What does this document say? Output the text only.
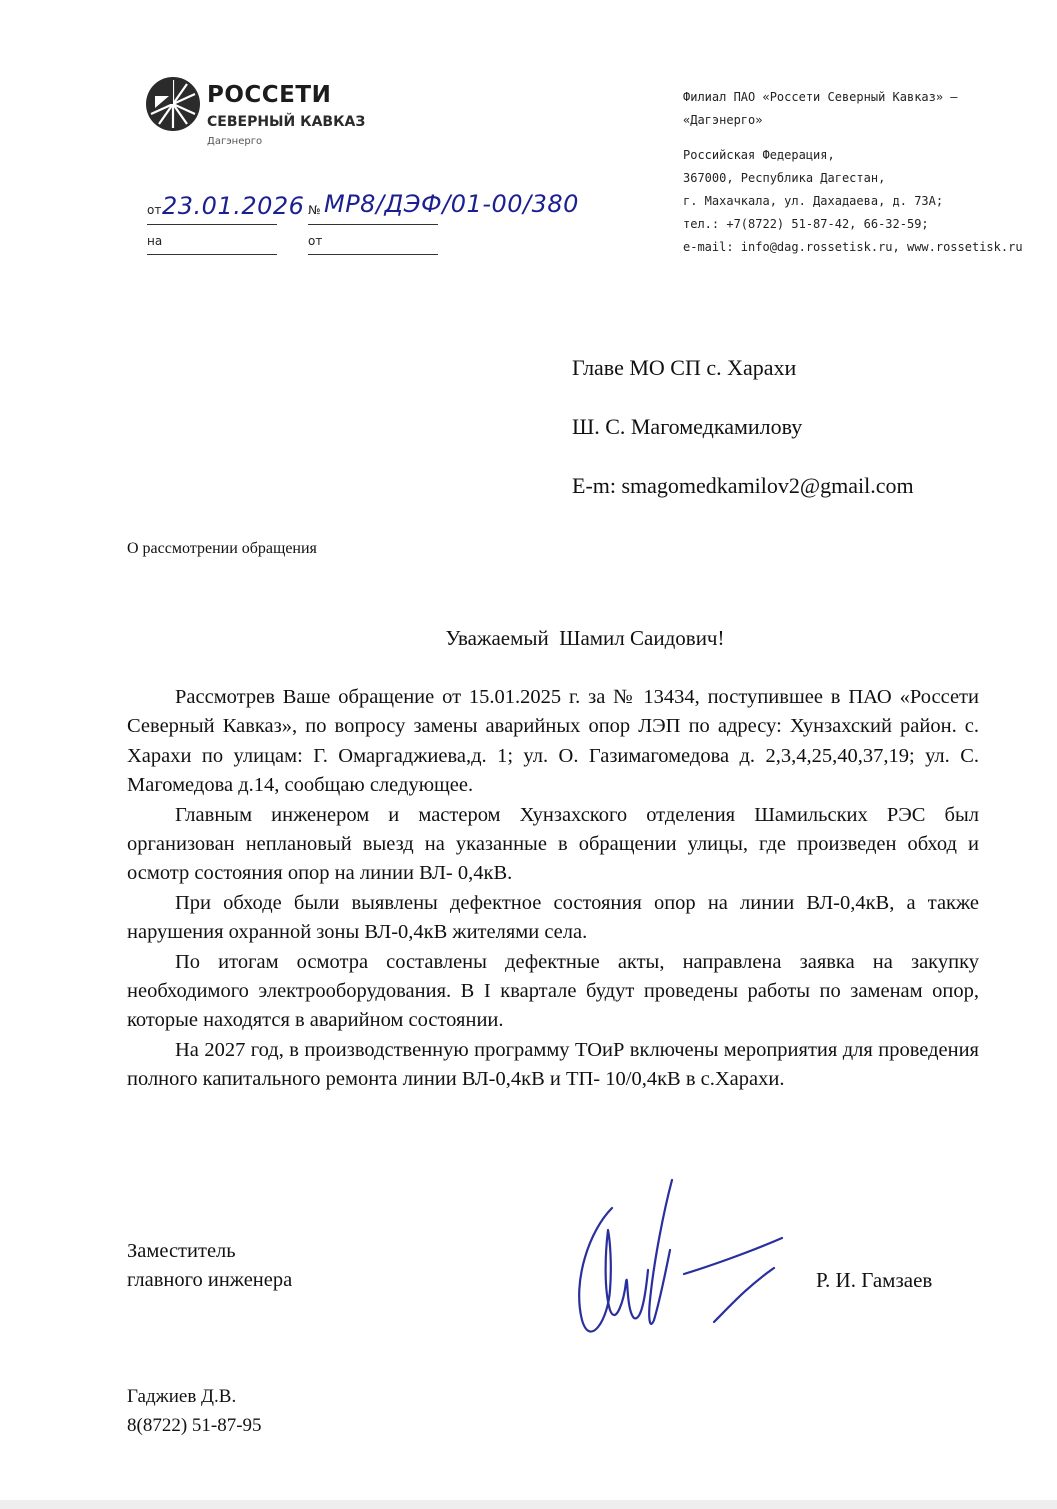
РОССЕТИ
СЕВЕРНЫЙ КАВКАЗ
Дагэнерго
от 23.01.2026 № МР8/ДЭФ/01-00/380
на	от
Филиал ПАО «Россети Северный Кавказ» –
«Дагэнерго»
Российская Федерация,
367000, Республика Дагестан,
г. Махачкала, ул. Дахадаева, д. 73А;
тел.: +7(8722) 51-87-42, 66-32-59;
e-mail: info@dag.rossetisk.ru, www.rossetisk.ru
Главе МО СП с. Харахи
Ш. С. Магомедкамилову
E-m: smagomedkamilov2@gmail.com
О рассмотрении обращения
Уважаемый  Шамил Саидович!

Рассмотрев Ваше обращение от 15.01.2025 г. за № 13434, поступившее в ПАО «Россети Северный Кавказ», по вопросу замены аварийных опор ЛЭП по адресу: Хунзахский район. с. Харахи по улицам: Г. Омаргаджиева,д. 1; ул. О. Газимагомедова д. 2,3,4,25,40,37,19; ул. С. Магомедова д.14, сообщаю следующее.

Главным инженером и мастером Хунзахского отделения Шамильских РЭС был организован неплановый выезд на указанные в обращении улицы, где произведен обход и осмотр состояния опор на линии ВЛ- 0,4кВ.

При обходе были выявлены дефектное состояния опор на линии ВЛ-0,4кВ, а также нарушения охранной зоны ВЛ-0,4кВ жителями села.

По итогам осмотра составлены дефектные акты, направлена заявка на закупку необходимого электрооборудования. В I квартале будут проведены работы по заменам опор, которые находятся в аварийном состоянии.

На 2027 год, в производственную программу ТОиР включены мероприятия для проведения полного капитального ремонта линии ВЛ-0,4кВ и ТП- 10/0,4кВ в с.Харахи.

Заместитель
главного инженера	Р. И. Гамзаев
Гаджиев Д.В.
8(8722) 51-87-95
